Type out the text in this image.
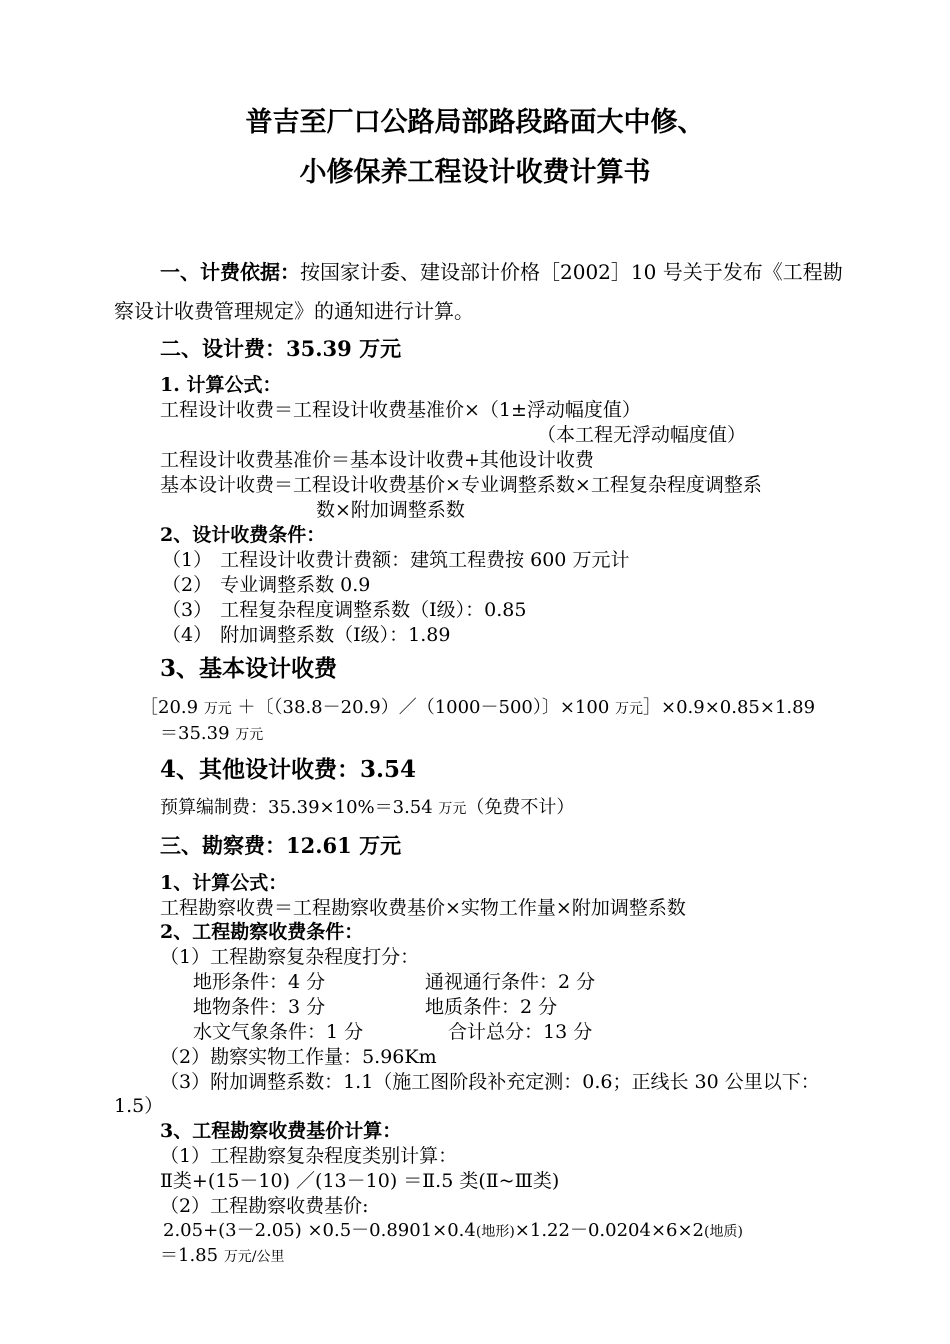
普吉至厂口公路局部路段路面大中修、
小修保养工程设计收费计算书
一、计费依据：按国家计委、建设部计价格［2002］10 号关于发布《工程勘
察设计收费管理规定》的通知进行计算。
二、设计费：35.39 万元
1. 计算公式：
工程设计收费＝工程设计收费基准价×（1±浮动幅度值）
（本工程无浮动幅度值）
工程设计收费基准价＝基本设计收费+其他设计收费
基本设计收费＝工程设计收费基价×专业调整系数×工程复杂程度调整系
数×附加调整系数
2、设计收费条件：
（1） 工程设计收费计费额：建筑工程费按 600 万元计
（2） 专业调整系数 0.9
（3） 工程复杂程度调整系数（Ⅰ级）：0.85
（4） 附加调整系数（Ⅰ级）：1.89
3、基本设计收费
［20.9 万元 ＋〔（38.8－20.9）／（1000－500）〕×100 万元］×0.9×0.85×1.89
＝35.39 万元
4、其他设计收费：3.54
预算编制费：35.39×10%＝3.54 万元（免费不计）
三、勘察费：12.61 万元
1、计算公式：
工程勘察收费＝工程勘察收费基价×实物工作量×附加调整系数
2、工程勘察收费条件：
（1）工程勘察复杂程度打分：
地形条件：4 分	通视通行条件：2 分
地物条件：3 分	地质条件：2 分
水文气象条件：1 分	合计总分：13 分
（2）勘察实物工作量：5.96Km
（3）附加调整系数：1.1（施工图阶段补充定测：0.6；正线长 30 公里以下：
1.5）
3、工程勘察收费基价计算：
（1）工程勘察复杂程度类别计算：
Ⅱ类+(15－10) ／(13－10) ＝Ⅱ.5 类(Ⅱ~Ⅲ类)
（2）工程勘察收费基价:
2.05+(3－2.05) ×0.5－0.8901×0.4(地形)×1.22－0.0204×6×2(地质)
＝1.85 万元/公里
